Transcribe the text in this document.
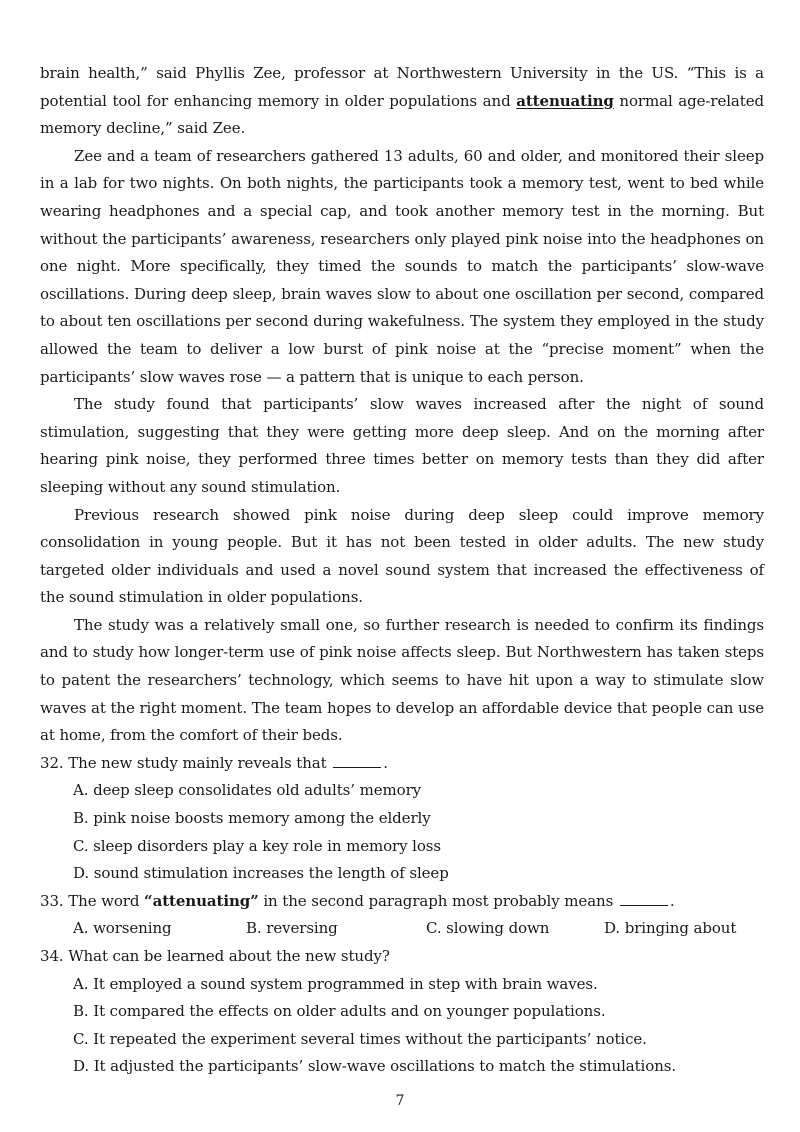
brain health,” said Phyllis Zee, professor at Northwestern University in the US. “This is a potential tool for enhancing memory in older populations and attenuating normal age-related memory decline,” said Zee.

Zee and a team of researchers gathered 13 adults, 60 and older, and monitored their sleep in a lab for two nights. On both nights, the participants took a memory test, went to bed while wearing headphones and a special cap, and took another memory test in the morning. But without the participants’ awareness, researchers only played pink noise into the headphones on one night. More specifically, they timed the sounds to match the participants’ slow-wave oscillations. During deep sleep, brain waves slow to about one oscillation per second, compared to about ten oscillations per second during wakefulness. The system they employed in the study allowed the team to deliver a low burst of pink noise at the “precise moment” when the participants’ slow waves rose — a pattern that is unique to each person.

The study found that participants’ slow waves increased after the night of sound stimulation, suggesting that they were getting more deep sleep. And on the morning after hearing pink noise, they performed three times better on memory tests than they did after sleeping without any sound stimulation.

Previous research showed pink noise during deep sleep could improve memory consolidation in young people. But it has not been tested in older adults. The new study targeted older individuals and used a novel sound system that increased the effectiveness of the sound stimulation in older populations.

The study was a relatively small one, so further research is needed to confirm its findings and to study how longer-term use of pink noise affects sleep. But Northwestern has taken steps to patent the researchers’ technology, which seems to have hit upon a way to stimulate slow waves at the right moment. The team hopes to develop an affordable device that people can use at home, from the comfort of their beds.

32. The new study mainly reveals that	.

A. deep sleep consolidates old adults’ memory

B. pink noise boosts memory among the elderly

C. sleep disorders play a key role in memory loss

D. sound stimulation increases the length of sleep

33. The word “attenuating” in the second paragraph most probably means	.

A. worsening	B. reversing	C. slowing down	D. bringing about

34. What can be learned about the new study?

A. It employed a sound system programmed in step with brain waves.

B. It compared the effects on older adults and on younger populations.

C. It repeated the experiment several times without the participants’ notice.

D. It adjusted the participants’ slow-wave oscillations to match the stimulations.

7
